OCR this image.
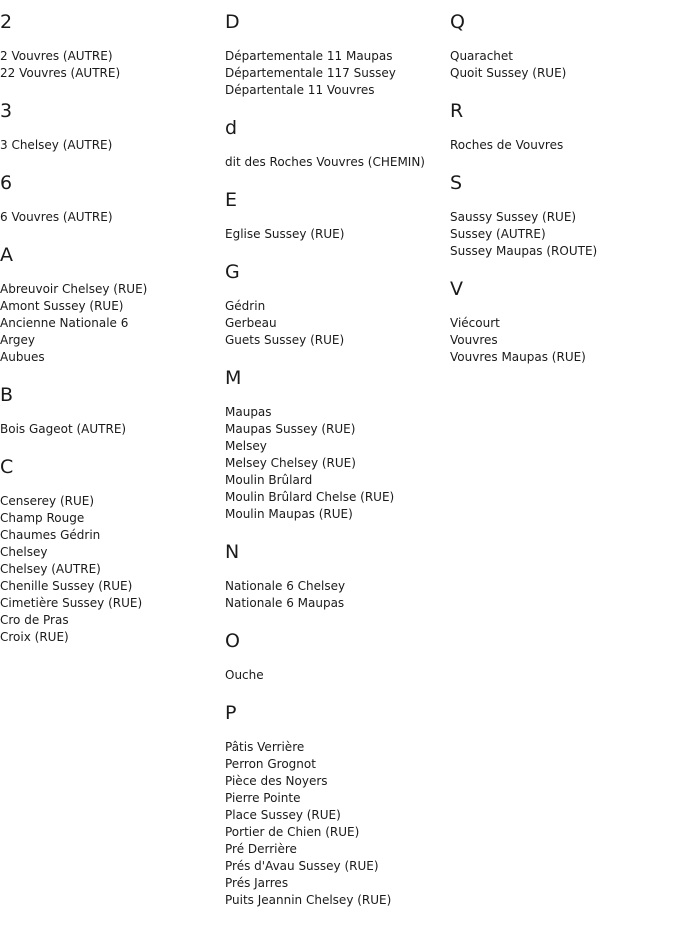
2
2 Vouvres (AUTRE)
22 Vouvres (AUTRE)
3
3 Chelsey (AUTRE)
6
6 Vouvres (AUTRE)
A
Abreuvoir Chelsey (RUE)
Amont Sussey (RUE)
Ancienne Nationale 6
Argey
Aubues
B
Bois Gageot (AUTRE)
C
Censerey (RUE)
Champ Rouge
Chaumes Gédrin
Chelsey
Chelsey (AUTRE)
Chenille Sussey (RUE)
Cimetière Sussey (RUE)
Cro de Pras
Croix (RUE)
D
Départementale 11 Maupas
Départementale 117 Sussey
Départentale 11 Vouvres
d
dit des Roches Vouvres (CHEMIN)
E
Eglise Sussey (RUE)
G
Gédrin
Gerbeau
Guets Sussey (RUE)
M
Maupas
Maupas Sussey (RUE)
Melsey
Melsey Chelsey (RUE)
Moulin Brûlard
Moulin Brûlard Chelse (RUE)
Moulin Maupas (RUE)
N
Nationale 6 Chelsey
Nationale 6 Maupas
O
Ouche
P
Pâtis Verrière
Perron Grognot
Pièce des Noyers
Pierre Pointe
Place Sussey (RUE)
Portier de Chien (RUE)
Pré Derrière
Prés d'Avau Sussey (RUE)
Prés Jarres
Puits Jeannin Chelsey (RUE)
Q
Quarachet
Quoit Sussey (RUE)
R
Roches de Vouvres
S
Saussy Sussey (RUE)
Sussey (AUTRE)
Sussey Maupas (ROUTE)
V
Viécourt
Vouvres
Vouvres Maupas (RUE)
